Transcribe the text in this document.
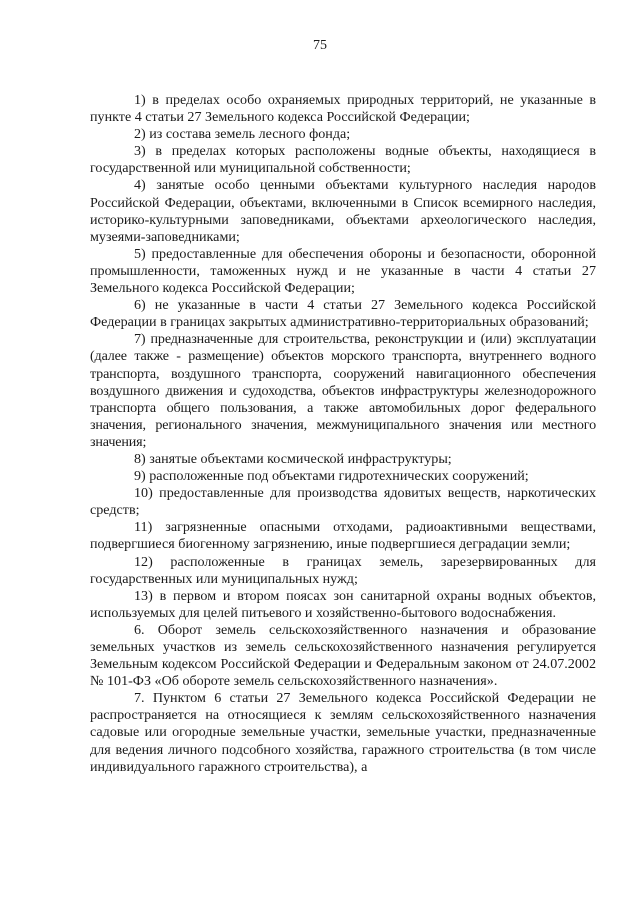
75

1) в пределах особо охраняемых природных территорий, не указанные в пункте 4 статьи 27 Земельного кодекса Российской Федерации;

2) из состава земель лесного фонда;

3) в пределах которых расположены водные объекты, находящиеся в государственной или муниципальной собственности;

4) занятые особо ценными объектами культурного наследия народов Российской Федерации, объектами, включенными в Список всемирного наследия, историко-культурными заповедниками, объектами археологического наследия, музеями-заповедниками;

5) предоставленные для обеспечения обороны и безопасности, оборонной промышленности, таможенных нужд и не указанные в части 4 статьи 27 Земельного кодекса Российской Федерации;

6) не указанные в части 4 статьи 27 Земельного кодекса Российской Федерации в границах закрытых административно-территориальных образований;

7) предназначенные для строительства, реконструкции и (или) эксплуатации (далее также - размещение) объектов морского транспорта, внутреннего водного транспорта, воздушного транспорта, сооружений навигационного обеспечения воздушного движения и судоходства, объектов инфраструктуры железнодорожного транспорта общего пользования, а также автомобильных дорог федерального значения, регионального значения, межмуниципального значения или местного значения;

8) занятые объектами космической инфраструктуры;

9) расположенные под объектами гидротехнических сооружений;

10) предоставленные для производства ядовитых веществ, наркотических средств;

11) загрязненные опасными отходами, радиоактивными веществами, подвергшиеся биогенному загрязнению, иные подвергшиеся деградации земли;

12) расположенные в границах земель, зарезервированных для государственных или муниципальных нужд;

13) в первом и втором поясах зон санитарной охраны водных объектов, используемых для целей питьевого и хозяйственно-бытового водоснабжения.

6. Оборот земель сельскохозяйственного назначения и образование земельных участков из земель сельскохозяйственного назначения регулируется Земельным кодексом Российской Федерации и Федеральным законом от 24.07.2002 № 101-ФЗ «Об обороте земель сельскохозяйственного назначения».

7. Пунктом 6 статьи 27 Земельного кодекса Российской Федерации не распространяется на относящиеся к землям сельскохозяйственного назначения садовые или огородные земельные участки, земельные участки, предназначенные для ведения личного подсобного хозяйства, гаражного строительства (в том числе индивидуального гаражного строительства), а
